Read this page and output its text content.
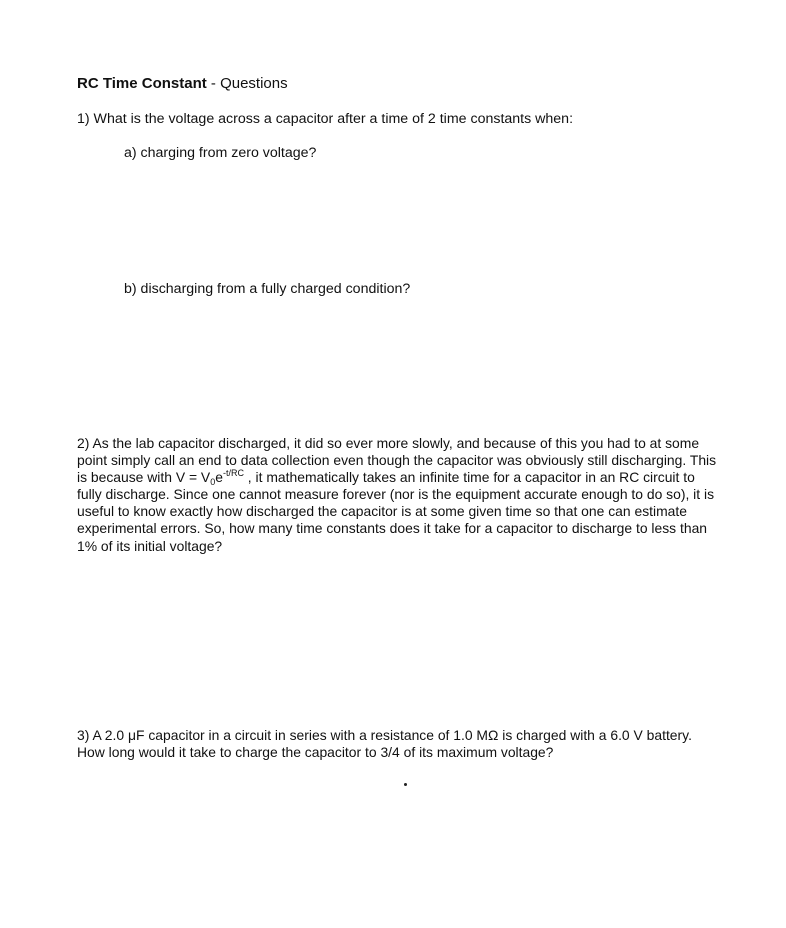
RC Time Constant - Questions
1) What is the voltage across a capacitor after a time of 2 time constants when:
a) charging from zero voltage?
b) discharging from a fully charged condition?
2) As the lab capacitor discharged, it did so ever more slowly, and because of this you had to at some point simply call an end to data collection even though the capacitor was obviously still discharging. This is because with $V = V_0e^{-t/RC}$ , it mathematically takes an infinite time for a capacitor in an RC circuit to fully discharge. Since one cannot measure forever (nor is the equipment accurate enough to do so), it is useful to know exactly how discharged the capacitor is at some given time so that one can estimate experimental errors. So, how many time constants does it take for a capacitor to discharge to less than 1% of its initial voltage?
3) A 2.0 μF capacitor in a circuit in series with a resistance of 1.0 MΩ is charged with a 6.0 V battery. How long would it take to charge the capacitor to 3/4 of its maximum voltage?
